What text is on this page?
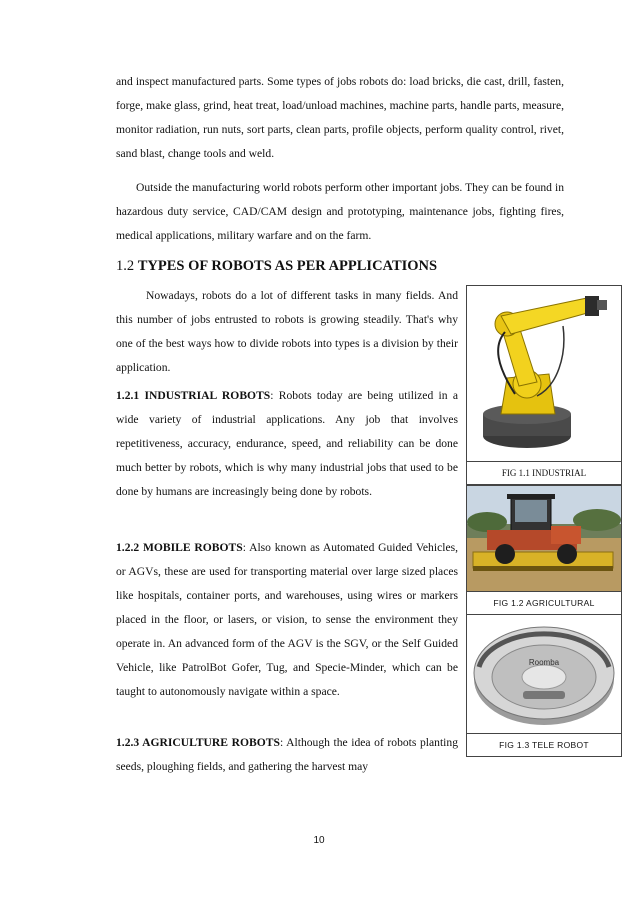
and inspect manufactured parts. Some types of jobs robots do: load bricks, die cast, drill, fasten, forge, make glass, grind, heat treat, load/unload machines, machine parts, handle parts, measure, monitor radiation, run nuts, sort parts, clean parts, profile objects, perform quality control, rivet, sand blast, change tools and weld.

Outside the manufacturing world robots perform other important jobs. They can be found in hazardous duty service, CAD/CAM design and prototyping, maintenance jobs, fighting fires, medical applications, military warfare and on the farm.

1.2 TYPES OF ROBOTS AS PER APPLICATIONS

Nowadays, robots do a lot of different tasks in many fields. And this number of jobs entrusted to robots is growing steadily. That's why one of the best ways how to divide robots into types is a division by their application.

1.2.1 INDUSTRIAL ROBOTS: Robots today are being utilized in a wide variety of industrial applications. Any job that involves repetitiveness, accuracy, endurance, speed, and reliability can be done much better by robots, which is why many industrial jobs that used to be done by humans are increasingly being done by robots.

1.2.2 MOBILE ROBOTS: Also known as Automated Guided Vehicles, or AGVs, these are used for transporting material over large sized places like hospitals, container ports, and warehouses, using wires or markers placed in the floor, or lasers, or vision, to sense the environment they operate in. An advanced form of the AGV is the SGV, or the Self Guided Vehicle, like PatrolBot Gofer, Tug, and Specie-Minder, which can be taught to autonomously navigate within a space.

1.2.3 AGRICULTURE ROBOTS: Although the idea of robots planting seeds, ploughing fields, and gathering the harvest may

FIG 1.1 INDUSTRIAL
FIG 1.2 AGRICULTURAL
Roomba
FIG 1.3 TELE ROBOT
10
